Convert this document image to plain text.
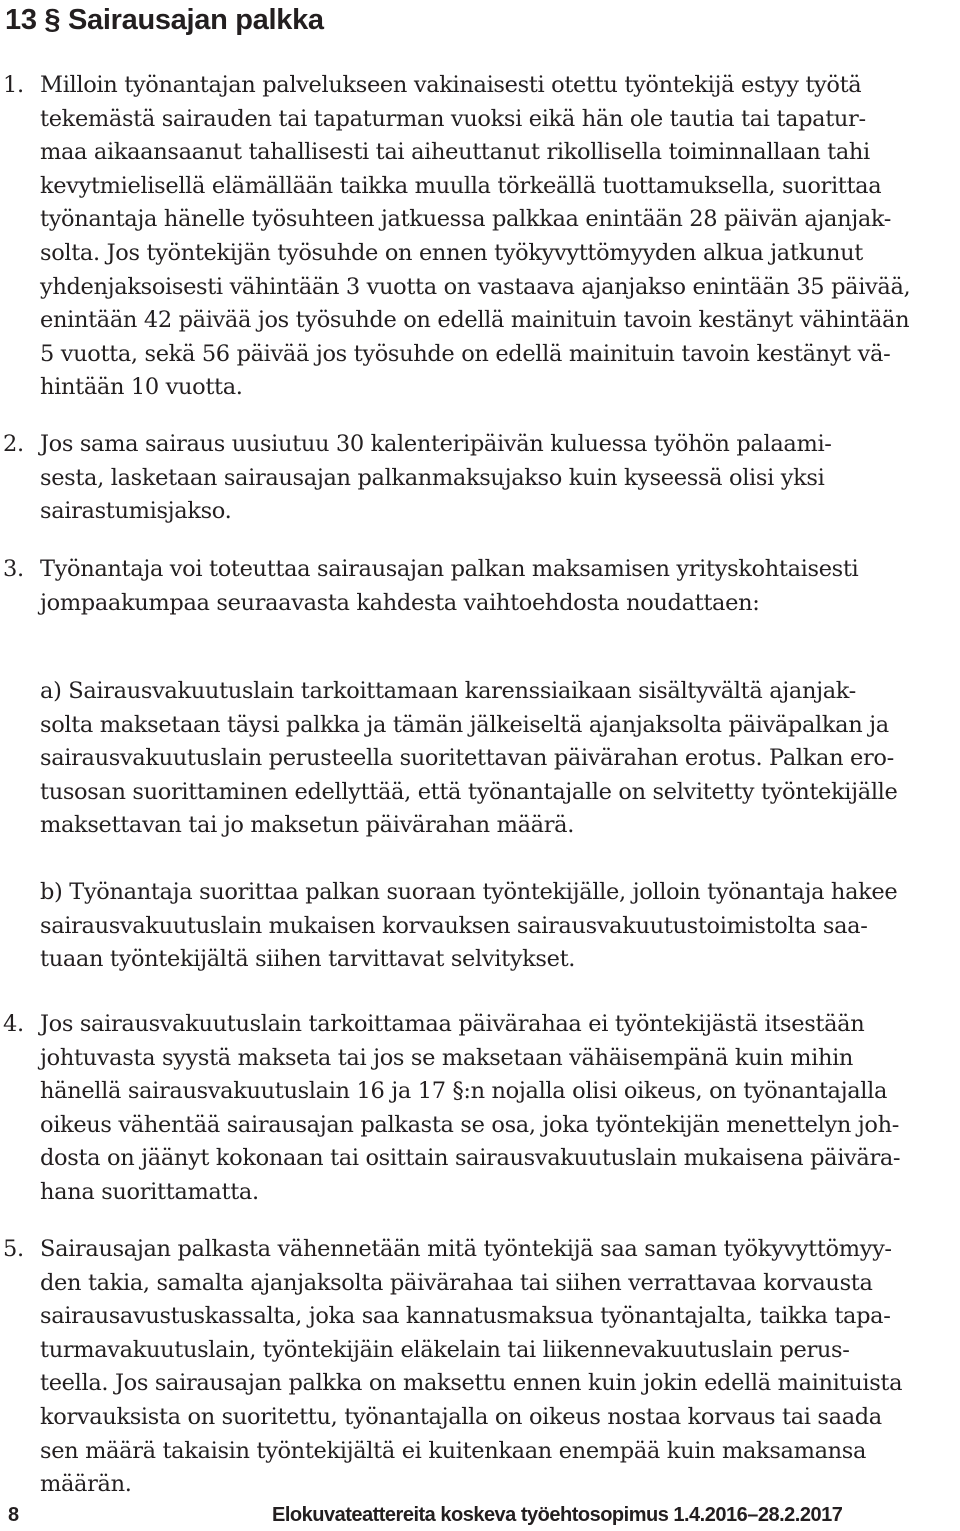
13 § Sairausajan palkka
1. Milloin työnantajan palvelukseen vakinaisesti otettu työntekijä estyy työtä
tekemästä sairauden tai tapaturman vuoksi eikä hän ole tautia tai tapatur-
maa aikaansaanut tahallisesti tai aiheuttanut rikollisella toiminnallaan tahi
kevytmielisellä elämällään taikka muulla törkeällä tuottamuksella, suorittaa
työnantaja hänelle työsuhteen jatkuessa palkkaa enintään 28 päivän ajanjak-
solta. Jos työntekijän työsuhde on ennen työkyvyttömyyden alkua jatkunut
yhdenjaksoisesti vähintään 3 vuotta on vastaava ajanjakso enintään 35 päivää,
enintään 42 päivää jos työsuhde on edellä mainituin tavoin kestänyt vähintään
5 vuotta, sekä 56 päivää jos työsuhde on edellä mainituin tavoin kestänyt vä-
hintään 10 vuotta.
2. Jos sama sairaus uusiutuu 30 kalenteripäivän kuluessa työhön palaami-
sesta, lasketaan sairausajan palkanmaksujakso kuin kyseessä olisi yksi
sairastumisjakso.
3. Työnantaja voi toteuttaa sairausajan palkan maksamisen yrityskohtaisesti
jompaakumpaa seuraavasta kahdesta vaihtoehdosta noudattaen:
a) Sairausvakuutuslain tarkoittamaan karenssiaikaan sisältyvältä ajanjak-
solta maksetaan täysi palkka ja tämän jälkeiseltä ajanjaksolta päiväpalkan ja
sairausvakuutuslain perusteella suoritettavan päivärahan erotus. Palkan ero-
tusosan suorittaminen edellyttää, että työnantajalle on selvitetty työntekijälle
maksettavan tai jo maksetun päivärahan määrä.
b) Työnantaja suorittaa palkan suoraan työntekijälle, jolloin työnantaja hakee
sairausvakuutuslain mukaisen korvauksen sairausvakuutustoimistolta saa-
tuaan työntekijältä siihen tarvittavat selvitykset.
4. Jos sairausvakuutuslain tarkoittamaa päivärahaa ei työntekijästä itsestään
johtuvasta syystä makseta tai jos se maksetaan vähäisempänä kuin mihin
hänellä sairausvakuutuslain 16 ja 17 §:n nojalla olisi oikeus, on työnantajalla
oikeus vähentää sairausajan palkasta se osa, joka työntekijän menettelyn joh-
dosta on jäänyt kokonaan tai osittain sairausvakuutuslain mukaisena päivära-
hana suorittamatta.
5. Sairausajan palkasta vähennetään mitä työntekijä saa saman työkyvyttömyy-
den takia, samalta ajanjaksolta päivärahaa tai siihen verrattavaa korvausta
sairausavustuskassalta, joka saa kannatusmaksua työnantajalta, taikka tapa-
turmavakuutuslain, työntekijäin eläkelain tai liikennevakuutuslain perus-
teella. Jos sairausajan palkka on maksettu ennen kuin jokin edellä mainituista
korvauksista on suoritettu, työnantajalla on oikeus nostaa korvaus tai saada
sen määrä takaisin työntekijältä ei kuitenkaan enempää kuin maksamansa
määrän.
8	Elokuvateattereita koskeva työehtosopimus 1.4.2016–28.2.2017
